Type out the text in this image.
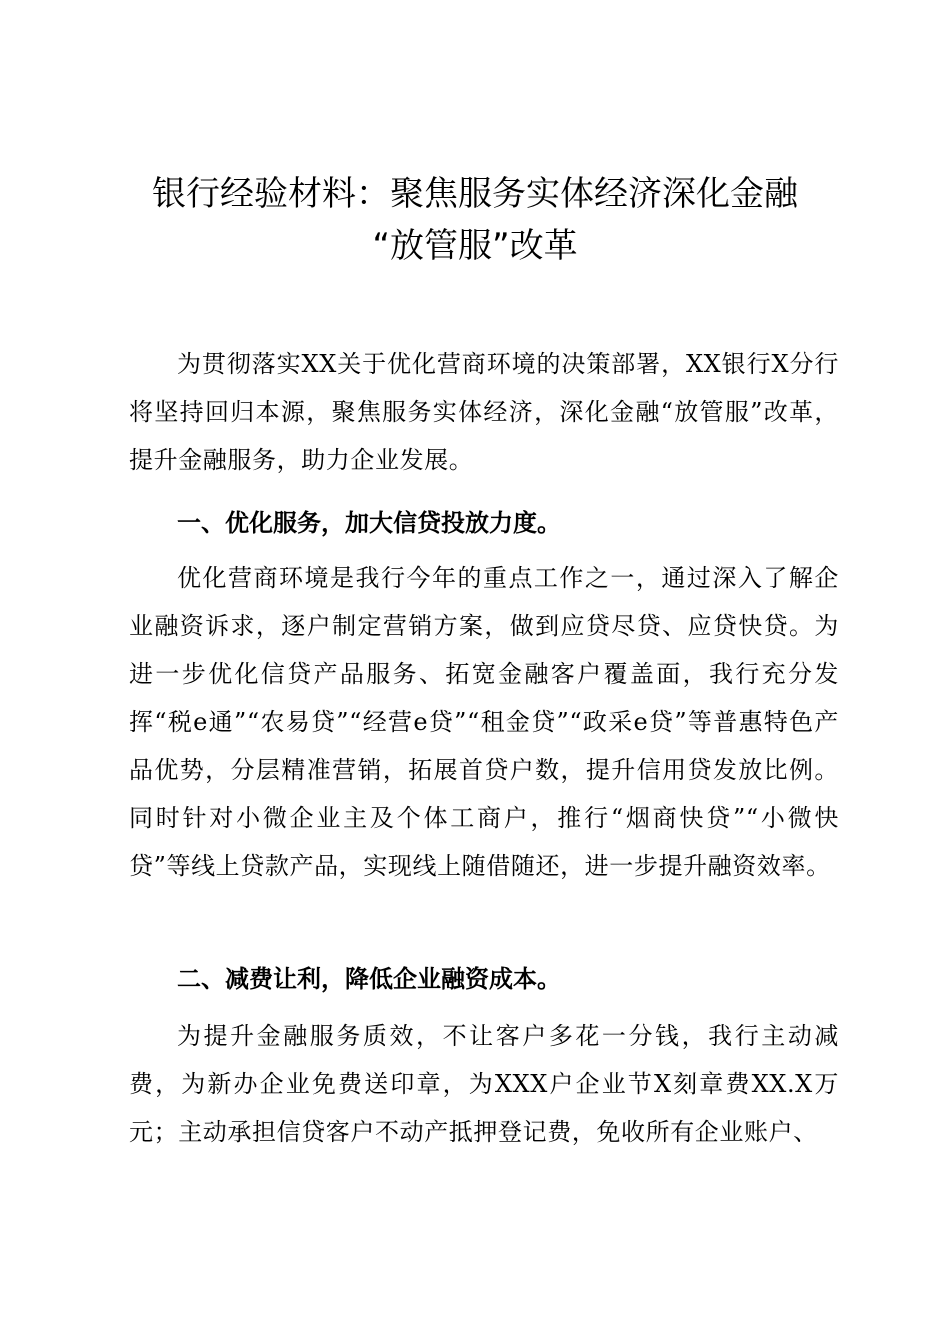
银行经验材料：聚焦服务实体经济深化金融
“放管服”改革

为贯彻落实XX关于优化营商环境的决策部署，XX银行X分行将坚持回归本源，聚焦服务实体经济，深化金融“放管服”改革，提升金融服务，助力企业发展。

一、优化服务，加大信贷投放力度。

优化营商环境是我行今年的重点工作之一，通过深入了解企业融资诉求，逐户制定营销方案，做到应贷尽贷、应贷快贷。为进一步优化信贷产品服务、拓宽金融客户覆盖面，我行充分发挥“税e通”“农易贷”“经营e贷”“租金贷”“政采e贷”等普惠特色产品优势，分层精准营销，拓展首贷户数，提升信用贷发放比例。同时针对小微企业主及个体工商户，推行“烟商快贷”“小微快贷”等线上贷款产品，实现线上随借随还，进一步提升融资效率。

二、减费让利，降低企业融资成本。

为提升金融服务质效，不让客户多花一分钱，我行主动减费，为新办企业免费送印章，为XXX户企业节X刻章费XX.X万元；主动承担信贷客户不动产抵押登记费，免收所有企业账户、
